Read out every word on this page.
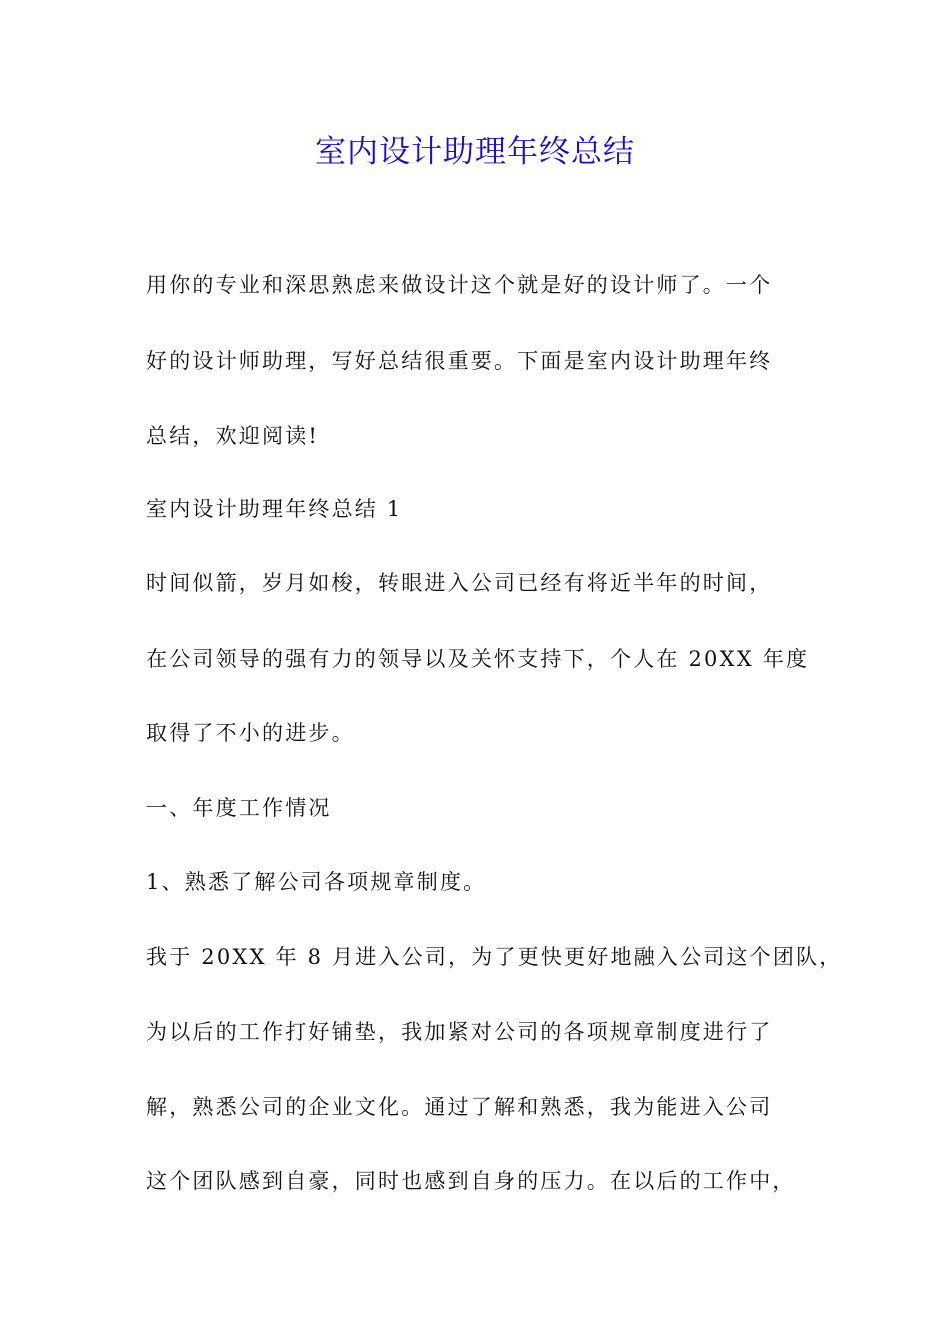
室内设计助理年终总结

用你的专业和深思熟虑来做设计这个就是好的设计师了。一个

好的设计师助理，写好总结很重要。下面是室内设计助理年终

总结，欢迎阅读!

室内设计助理年终总结 1

时间似箭，岁月如梭，转眼进入公司已经有将近半年的时间，

在公司领导的强有力的领导以及关怀支持下，个人在 20XX 年度

取得了不小的进步。

一、年度工作情况

1、熟悉了解公司各项规章制度。

我于 20XX 年 8 月进入公司，为了更快更好地融入公司这个团队，

为以后的工作打好铺垫，我加紧对公司的各项规章制度进行了

解，熟悉公司的企业文化。通过了解和熟悉，我为能进入公司

这个团队感到自豪，同时也感到自身的压力。在以后的工作中，
